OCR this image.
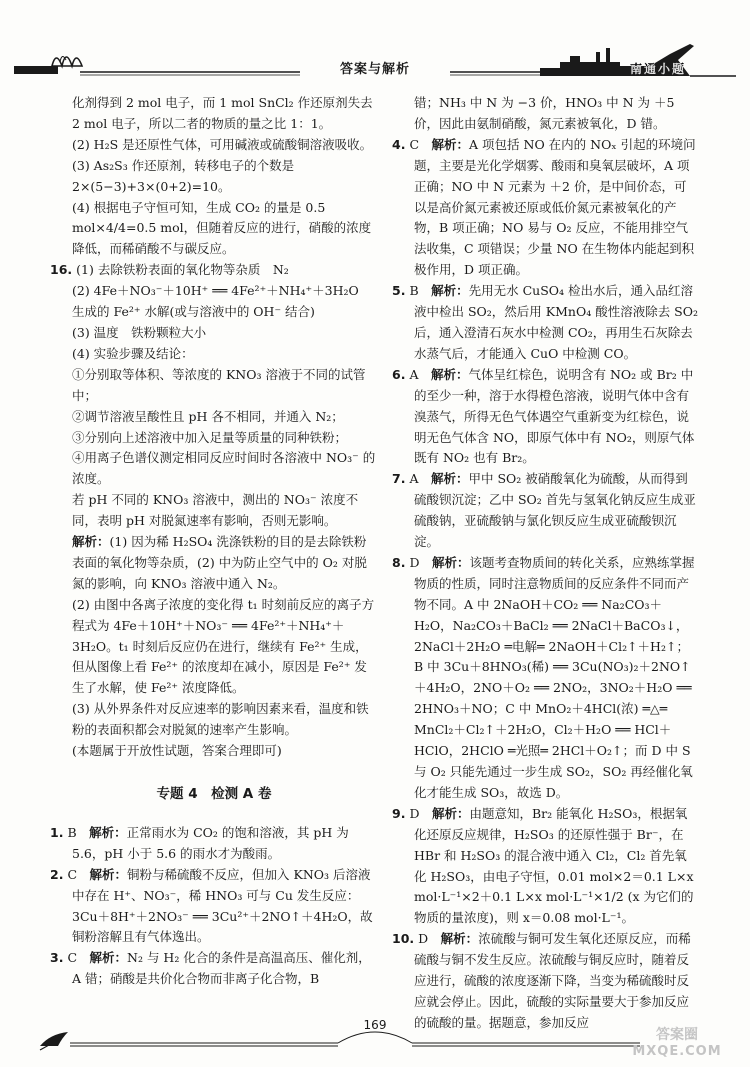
答案与解析	南通小题

化剂得到 2 mol 电子，而 1 mol SnCl₂ 作还原剂失去 2 mol 电子，所以二者的物质的量之比 1：1。

(2) H₂S 是还原性气体，可用碱液或硫酸铜溶液吸收。

(3) As₂S₃ 作还原剂，转移电子的个数是 2×(5−3)+3×(0+2)=10。

(4) 根据电子守恒可知，生成 CO₂ 的量是 0.5 mol×4/4=0.5 mol，但随着反应的进行，硝酸的浓度降低，而稀硝酸不与碳反应。

16. (1) 去除铁粉表面的氧化物等杂质　N₂

(2) 4Fe＋NO₃⁻＋10H⁺ ══ 4Fe²⁺＋NH₄⁺＋3H₂O　生成的 Fe²⁺ 水解(或与溶液中的 OH⁻ 结合)

(3) 温度　铁粉颗粒大小

(4) 实验步骤及结论：

①分别取等体积、等浓度的 KNO₃ 溶液于不同的试管中；

②调节溶液呈酸性且 pH 各不相同，并通入 N₂；

③分别向上述溶液中加入足量等质量的同种铁粉；

④用离子色谱仪测定相同反应时间时各溶液中 NO₃⁻ 的浓度。

若 pH 不同的 KNO₃ 溶液中，测出的 NO₃⁻ 浓度不同，表明 pH 对脱氮速率有影响，否则无影响。

解析：(1) 因为稀 H₂SO₄ 洗涤铁粉的目的是去除铁粉表面的氧化物等杂质，(2) 中为防止空气中的 O₂ 对脱氮的影响，向 KNO₃ 溶液中通入 N₂。

(2) 由图中各离子浓度的变化得 t₁ 时刻前反应的离子方程式为 4Fe＋10H⁺＋NO₃⁻ ══ 4Fe²⁺＋NH₄⁺＋3H₂O。t₁ 时刻后反应仍在进行，继续有 Fe²⁺ 生成，但从图像上看 Fe²⁺ 的浓度却在减小，原因是 Fe²⁺ 发生了水解，使 Fe²⁺ 浓度降低。

(3) 从外界条件对反应速率的影响因素来看，温度和铁粉的表面积都会对脱氮的速率产生影响。

(本题属于开放性试题，答案合理即可)

专题 4　检测 A 卷

1. B　解析：正常雨水为 CO₂ 的饱和溶液，其 pH 为 5.6，pH 小于 5.6 的雨水才为酸雨。

2. C　解析：铜粉与稀硫酸不反应，但加入 KNO₃ 后溶液中存在 H⁺、NO₃⁻，稀 HNO₃ 可与 Cu 发生反应：3Cu＋8H⁺＋2NO₃⁻ ══ 3Cu²⁺＋2NO↑＋4H₂O，故铜粉溶解且有气体逸出。

3. C　解析：N₂ 与 H₂ 化合的条件是高温高压、催化剂，A 错；硝酸是共价化合物而非离子化合物，B

错；NH₃ 中 N 为 −3 价，HNO₃ 中 N 为 ＋5 价，因此由氨制硝酸，氮元素被氧化，D 错。

4. C　解析：A 项包括 NO 在内的 NOₓ 引起的环境问题，主要是光化学烟雾、酸雨和臭氧层破坏，A 项正确；NO 中 N 元素为 ＋2 价，是中间价态，可以是高价氮元素被还原或低价氮元素被氧化的产物，B 项正确；NO 易与 O₂ 反应，不能用排空气法收集，C 项错误；少量 NO 在生物体内能起到积极作用，D 项正确。

5. B　解析：先用无水 CuSO₄ 检出水后，通入品红溶液中检出 SO₂，然后用 KMnO₄ 酸性溶液除去 SO₂ 后，通入澄清石灰水中检测 CO₂，再用生石灰除去水蒸气后，才能通入 CuO 中检测 CO。

6. A　解析：气体呈红棕色，说明含有 NO₂ 或 Br₂ 中的至少一种，溶于水得橙色溶液，说明气体中含有溴蒸气，所得无色气体遇空气重新变为红棕色，说明无色气体含 NO，即原气体中有 NO₂，则原气体既有 NO₂ 也有 Br₂。

7. A　解析：甲中 SO₂ 被硝酸氧化为硫酸，从而得到硫酸钡沉淀；乙中 SO₂ 首先与氢氧化钠反应生成亚硫酸钠，亚硫酸钠与氯化钡反应生成亚硫酸钡沉淀。

8. D　解析：该题考查物质间的转化关系，应熟练掌握物质的性质，同时注意物质间的反应条件不同而产物不同。A 中 2NaOH＋CO₂ ══ Na₂CO₃＋H₂O，Na₂CO₃＋BaCl₂ ══ 2NaCl＋BaCO₃↓，2NaCl＋2H₂O ═电解═ 2NaOH＋Cl₂↑＋H₂↑；B 中 3Cu＋8HNO₃(稀) ══ 3Cu(NO₃)₂＋2NO↑＋4H₂O，2NO＋O₂ ══ 2NO₂，3NO₂＋H₂O ══ 2HNO₃＋NO；C 中 MnO₂＋4HCl(浓) ═△═ MnCl₂＋Cl₂↑＋2H₂O，Cl₂＋H₂O ══ HCl＋HClO，2HClO ═光照═ 2HCl＋O₂↑；而 D 中 S 与 O₂ 只能先通过一步生成 SO₂，SO₂ 再经催化氧化才能生成 SO₃，故选 D。

9. D　解析：由题意知，Br₂ 能氧化 H₂SO₃，根据氧化还原反应规律，H₂SO₃ 的还原性强于 Br⁻，在 HBr 和 H₂SO₃ 的混合液中通入 Cl₂，Cl₂ 首先氧化 H₂SO₃，由电子守恒，0.01 mol×2＝0.1 L×x mol·L⁻¹×2＋0.1 L×x mol·L⁻¹×1/2 (x 为它们的物质的量浓度)，则 x＝0.08 mol·L⁻¹。

10. D　解析：浓硫酸与铜可发生氧化还原反应，而稀硫酸与铜不发生反应。浓硫酸与铜反应时，随着反应进行，硫酸的浓度逐渐下降，当变为稀硫酸时反应就会停止。因此，硫酸的实际量要大于参加反应的硫酸的量。据题意，参加反应

169
答案圈
MXQE.COM
